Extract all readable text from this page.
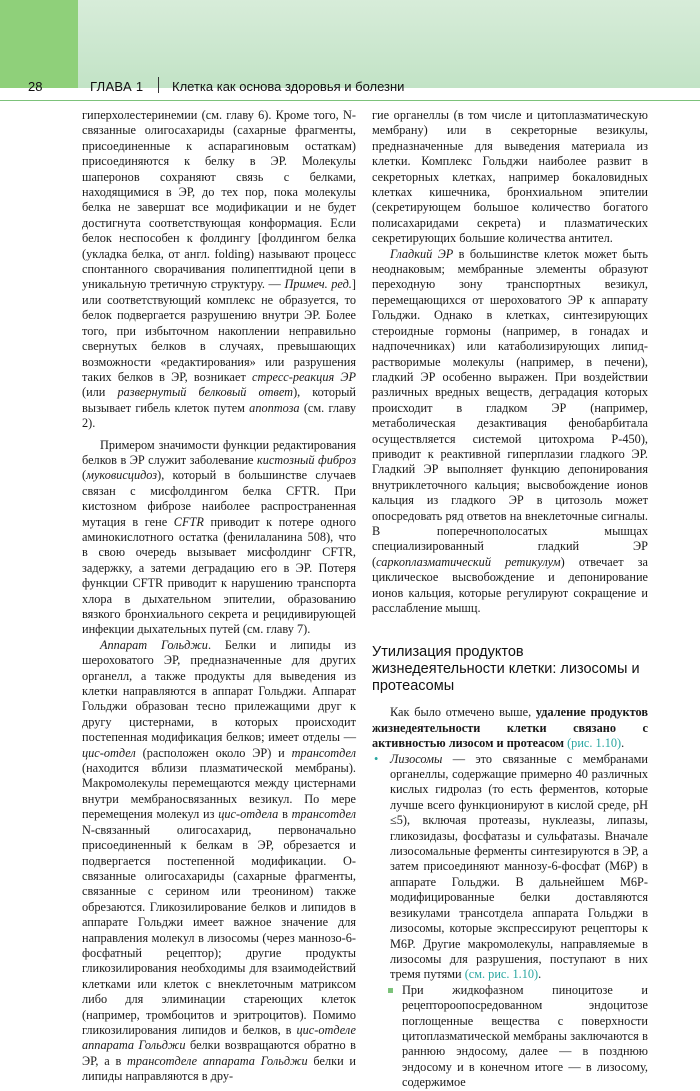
28	ГЛАВА 1 Клетка как основа здоровья и болезни

гиперхолестеринемии (см. главу 6). Кроме того, N-связанные олигосахариды (сахарные фрагменты, присоединенные к аспарагиновым остаткам) присоединяются к белку в ЭР. Молекулы шаперонов сохраняют связь с белками, находящимися в ЭР, до тех пор, пока молекулы белка не завершат все модификации и не будет достигнута соответствующая конформация. Если белок неспособен к фолдингу [фолдингом белка (укладка белка, от англ. folding) называют процесс спонтанного сворачивания полипептидной цепи в уникальную третичную структуру. — Примеч. ред.] или соответствующий комплекс не образуется, то белок подвергается разрушению внутри ЭР. Более того, при избыточном накоплении неправильно свернутых белков в случаях, превышающих возможности «редактирования» или разрушения таких белков в ЭР, возникает стресс-реакция ЭР (или развернутый белковый ответ), который вызывает гибель клеток путем апоптоза (см. главу 2).

Примером значимости функции редактирования белков в ЭР служит заболевание кистозный фиброз (муковисцидоз), который в большинстве случаев связан с мисфолдингом белка CFTR. При кистозном фиброзе наиболее распространенная мутация в гене CFTR приводит к потере одного аминокислотного остатка (фенилаланина 508), что в свою очередь вызывает мисфолдинг CFTR, задержку, а затеми деградацию его в ЭР. Потеря функции CFTR приводит к нарушению транспорта хлора в дыхательном эпителии, образованию вязкого бронхиального секрета и рецидивирующей инфекции дыхательных путей (см. главу 7).

Аппарат Гольджи. Белки и липиды из шероховатого ЭР, предназначенные для других органелл, а также продукты для выведения из клетки направляются в аппарат Гольджи. Аппарат Гольджи образован тесно прилежащими друг к другу цистернами, в которых происходит постепенная модификация белков; имеет отделы — цис-отдел (расположен около ЭР) и трансотдел (находится вблизи плазматической мембраны). Макромолекулы перемещаются между цистернами внутри мембраносвязанных везикул. По мере перемещения молекул из цис-отдела в трансотдел N-связанный олигосахарид, первоначально присоединенный к белкам в ЭР, обрезается и подвергается постепенной модификации. O-связанные олигосахариды (сахарные фрагменты, связанные с серином или треонином) также обрезаются. Гликозилирование белков и липидов в аппарате Гольджи имеет важное значение для направления молекул в лизосомы (через маннозо-6-фосфатный рецептор); другие продукты гликозилирования необходимы для взаимодействий клетками или клеток с внеклеточным матриксом либо для элиминации стареющих клеток (например, тромбоцитов и эритроцитов). Помимо гликозилирования липидов и белков, в цис-отделе аппарата Гольджи белки возвращаются обратно в ЭР, а в трансотделе аппарата Гольджи белки и липиды направляются в дру-

гие органеллы (в том числе и цитоплазматическую мембрану) или в секреторные везикулы, предназначенные для выведения материала из клетки. Комплекс Гольджи наиболее развит в секреторных клетках, например бокаловидных клетках кишечника, бронхиальном эпителии (секретирующем большое количество богатого полисахаридами секрета) и плазматических секретирующих большие количества антител.

Гладкий ЭР в большинстве клеток может быть неоднаковым; мембранные элементы образуют переходную зону транспортных везикул, перемещающихся от шероховатого ЭР к аппарату Гольджи. Однако в клетках, синтезирующих стероидные гормоны (например, в гонадах и надпочечниках) или катаболизирующих липид-растворимые молекулы (например, в печени), гладкий ЭР особенно выражен. При воздействии различных вредных веществ, деградация которых происходит в гладком ЭР (например, метаболическая дезактивация фенобарбитала осуществляется системой цитохрома Р-450), приводит к реактивной гиперплазии гладкого ЭР. Гладкий ЭР выполняет функцию депонирования внутриклеточного кальция; высвобождение ионов кальция из гладкого ЭР в цитозоль может опосредовать ряд ответов на внеклеточные сигналы. В поперечнополосатых мышцах специализированный гладкий ЭР (саркоплазматический ретикулум) отвечает за циклическое высвобождение и депонирование ионов кальция, которые регулируют сокращение и расслабление мышц.

Утилизация продуктов жизнедеятельности клетки: лизосомы и протеасомы

Как было отмечено выше, удаление продуктов жизнедеятельности клетки связано с активностью лизосом и протеасом (рис. 1.10).

• Лизосомы — это связанные с мембранами органеллы, содержащие примерно 40 различных кислых гидролаз (то есть ферментов, которые лучше всего функционируют в кислой среде, pH ≤5), включая протеазы, нуклеазы, липазы, гликозидазы, фосфатазы и сульфатазы. Вначале лизосомальные ферменты синтезируются в ЭР, а затем присоединяют маннозу-6-фосфат (M6P) в аппарате Гольджи. В дальнейшем M6P-модифицированные белки доставляются везикулами трансотдела аппарата Гольджи в лизосомы, которые экспрессируют рецепторы к M6P. Другие макромолекулы, направляемые в лизосомы для разрушения, поступают в них тремя путями (см. рис. 1.10).

При жидкофазном пиноцитозе и рецептороопосредованном эндоцитозе поглощенные вещества с поверхности цитоплазматической мембраны заключаются в раннюю эндосому, далее — в позднюю эндосому и в конечном итоге — в лизосому, содержимое
